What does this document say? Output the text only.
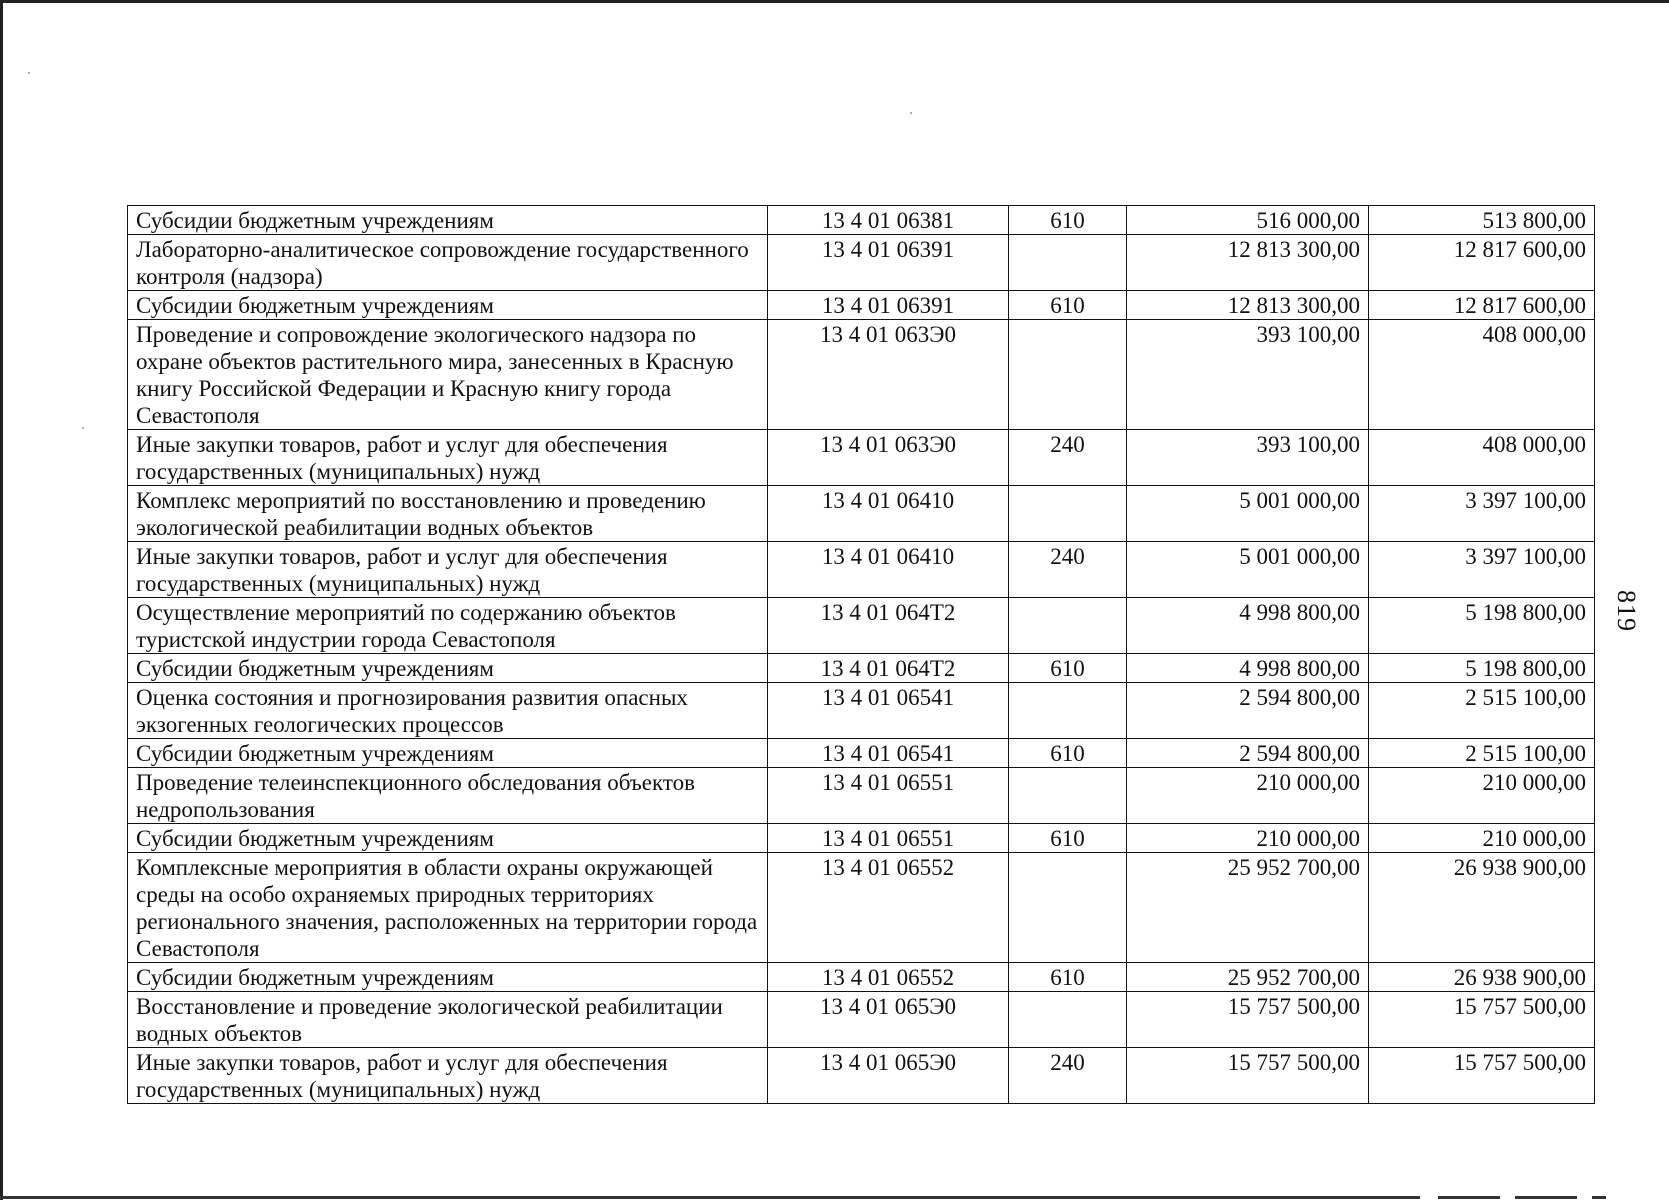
Субсидии бюджетным учреждениям	13 4 01 06381	610	516 000,00	513 800,00
Лабораторно-аналитическое сопровождение государственного контроля (надзора)	13 4 01 06391		12 813 300,00	12 817 600,00
Субсидии бюджетным учреждениям	13 4 01 06391	610	12 813 300,00	12 817 600,00
Проведение и сопровождение экологического надзора по охране объектов растительного мира, занесенных в Красную книгу Российской Федерации и Красную книгу города Севастополя	13 4 01 063Э0		393 100,00	408 000,00
Иные закупки товаров, работ и услуг для обеспечения государственных (муниципальных) нужд	13 4 01 063Э0	240	393 100,00	408 000,00
Комплекс мероприятий по восстановлению и проведению экологической реабилитации водных объектов	13 4 01 06410		5 001 000,00	3 397 100,00
Иные закупки товаров, работ и услуг для обеспечения государственных (муниципальных) нужд	13 4 01 06410	240	5 001 000,00	3 397 100,00
Осуществление мероприятий по содержанию объектов туристской индустрии города Севастополя	13 4 01 064Т2		4 998 800,00	5 198 800,00
Субсидии бюджетным учреждениям	13 4 01 064Т2	610	4 998 800,00	5 198 800,00
Оценка состояния и прогнозирования развития опасных экзогенных геологических процессов	13 4 01 06541		2 594 800,00	2 515 100,00
Субсидии бюджетным учреждениям	13 4 01 06541	610	2 594 800,00	2 515 100,00
Проведение телеинспекционного обследования объектов недропользования	13 4 01 06551		210 000,00	210 000,00
Субсидии бюджетным учреждениям	13 4 01 06551	610	210 000,00	210 000,00
Комплексные мероприятия в области охраны окружающей среды на особо охраняемых природных территориях регионального значения, расположенных на территории города Севастополя	13 4 01 06552		25 952 700,00	26 938 900,00
Субсидии бюджетным учреждениям	13 4 01 06552	610	25 952 700,00	26 938 900,00
Восстановление и проведение экологической реабилитации водных объектов	13 4 01 065Э0		15 757 500,00	15 757 500,00
Иные закупки товаров, работ и услуг для обеспечения государственных (муниципальных) нужд	13 4 01 065Э0	240	15 757 500,00	15 757 500,00
819
